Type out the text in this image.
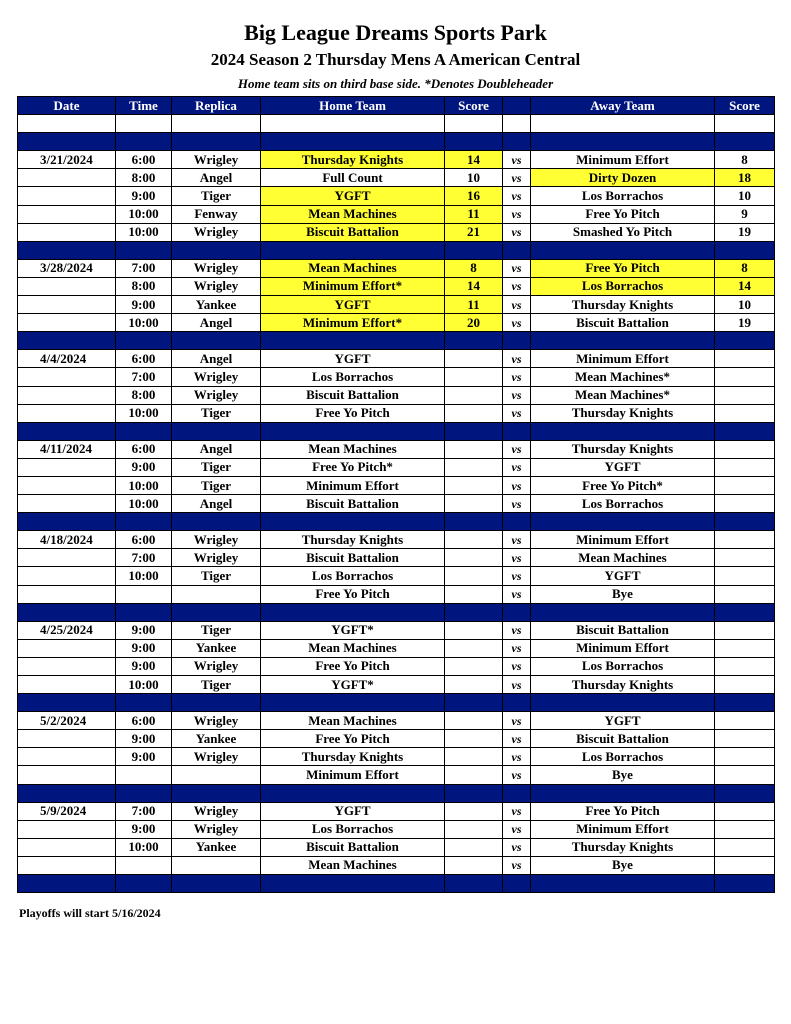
Big League Dreams Sports Park
2024 Season 2 Thursday Mens A American Central
Home team sits on third base side. *Denotes Doubleheader
Date	Time	Replica	Home Team	Score		Away Team	Score

3/21/2024	6:00	Wrigley	Thursday Knights	14	vs	Minimum Effort	8
	8:00	Angel	Full Count	10	vs	Dirty Dozen	18
	9:00	Tiger	YGFT	16	vs	Los Borrachos	10
	10:00	Fenway	Mean Machines	11	vs	Free Yo Pitch	9
	10:00	Wrigley	Biscuit Battalion	21	vs	Smashed Yo Pitch	19

3/28/2024	7:00	Wrigley	Mean Machines	8	vs	Free Yo Pitch	8
	8:00	Wrigley	Minimum Effort*	14	vs	Los Borrachos	14
	9:00	Yankee	YGFT	11	vs	Thursday Knights	10
	10:00	Angel	Minimum Effort*	20	vs	Biscuit Battalion	19

4/4/2024	6:00	Angel	YGFT		vs	Minimum Effort	
	7:00	Wrigley	Los Borrachos		vs	Mean Machines*	
	8:00	Wrigley	Biscuit Battalion		vs	Mean Machines*	
	10:00	Tiger	Free Yo Pitch		vs	Thursday Knights	

4/11/2024	6:00	Angel	Mean Machines		vs	Thursday Knights	
	9:00	Tiger	Free Yo Pitch*		vs	YGFT	
	10:00	Tiger	Minimum Effort		vs	Free Yo Pitch*	
	10:00	Angel	Biscuit Battalion		vs	Los Borrachos	

4/18/2024	6:00	Wrigley	Thursday Knights		vs	Minimum Effort	
	7:00	Wrigley	Biscuit Battalion		vs	Mean Machines	
	10:00	Tiger	Los Borrachos		vs	YGFT	
			Free Yo Pitch		vs	Bye	

4/25/2024	9:00	Tiger	YGFT*		vs	Biscuit Battalion	
	9:00	Yankee	Mean Machines		vs	Minimum Effort	
	9:00	Wrigley	Free Yo Pitch		vs	Los Borrachos	
	10:00	Tiger	YGFT*		vs	Thursday Knights	

5/2/2024	6:00	Wrigley	Mean Machines		vs	YGFT	
	9:00	Yankee	Free Yo Pitch		vs	Biscuit Battalion	
	9:00	Wrigley	Thursday Knights		vs	Los Borrachos	
			Minimum Effort		vs	Bye	

5/9/2024	7:00	Wrigley	YGFT		vs	Free Yo Pitch	
	9:00	Wrigley	Los Borrachos		vs	Minimum Effort	
	10:00	Yankee	Biscuit Battalion		vs	Thursday Knights	
			Mean Machines		vs	Bye	

Playoffs will start 5/16/2024
